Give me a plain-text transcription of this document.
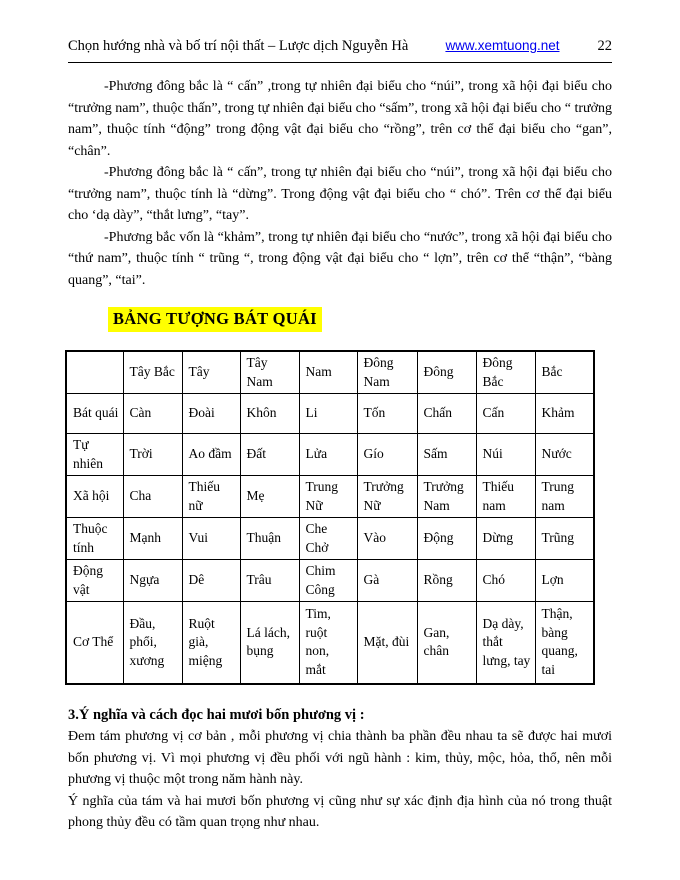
Chọn hướng nhà và bố trí nội thất – Lược dịch Nguyễn Hà	www.xemtuong.net	22

-Phương đông bắc là “ cấn” ,trong tự nhiên đại biểu cho “núi”, trong xã hội đại biểu cho “trưởng nam”, thuộc thấn”, trong tự nhiên đại biểu cho “sấm”, trong xã hội đại biểu cho “ trưởng nam”, thuộc tính “động” trong động vật đại biểu cho “rồng”, trên cơ thể đại biểu cho “gan”, “chân”.

-Phương đông bắc là “ cấn”, trong tự nhiên đại biểu cho “núi”, trong xã hội đại biểu cho “trưởng nam”, thuộc tính là “dừng”. Trong động vật đại biểu cho “ chó”. Trên cơ thể đại biểu cho ‘dạ dày”, “thắt lưng”, “tay”.

-Phương bắc vốn là “khảm”, trong tự nhiên đại biểu cho “nước”, trong xã hội đại biểu cho “thứ nam”, thuộc tính “ trũng “, trong động vật đại biểu cho “ lợn”, trên cơ thể “thận”, “bàng quang”, “tai”.

BẢNG TƯỢNG BÁT QUÁI
	Tây Bắc	Tây	Tây Nam	Nam	Đông Nam	Đông	Đông Bắc	Bắc
Bát quái	Càn	Đoài	Khôn	Li	Tốn	Chấn	Cấn	Khảm
Tự nhiên	Trời	Ao đầm	Đất	Lửa	Gío	Sấm	Núi	Nước
Xã hội	Cha	Thiếu nữ	Mẹ	Trung Nữ	Trưởng Nữ	Trưởng Nam	Thiếu nam	Trung nam
Thuộc tính	Mạnh	Vui	Thuận	Che Chở	Vào	Động	Dừng	Trũng
Động vật	Ngựa	Dê	Trâu	Chim Công	Gà	Rồng	Chó	Lợn
Cơ Thể	Đầu, phổi, xương	Ruột già, miệng	Lá lách, bụng	Tim, ruột non, mắt	Mặt, đùi	Gan, chân	Dạ dày, thắt lưng, tay	Thận, bàng quang, tai

3.Ý nghĩa và cách đọc hai mươi bốn phương vị :

Đem tám phương vị cơ bản , mỗi phương vị chia thành ba phần đều nhau ta sẽ được hai mươi bốn phương vị. Vì mọi phương vị đều phối với ngũ hành : kim, thủy, mộc, hỏa, thổ, nên mỗi phương vị thuộc một trong năm hành này.

Ý nghĩa của tám và hai mươi bốn phương vị cũng như sự xác định địa hình của nó trong thuật phong thủy đều có tầm quan trọng như nhau.
